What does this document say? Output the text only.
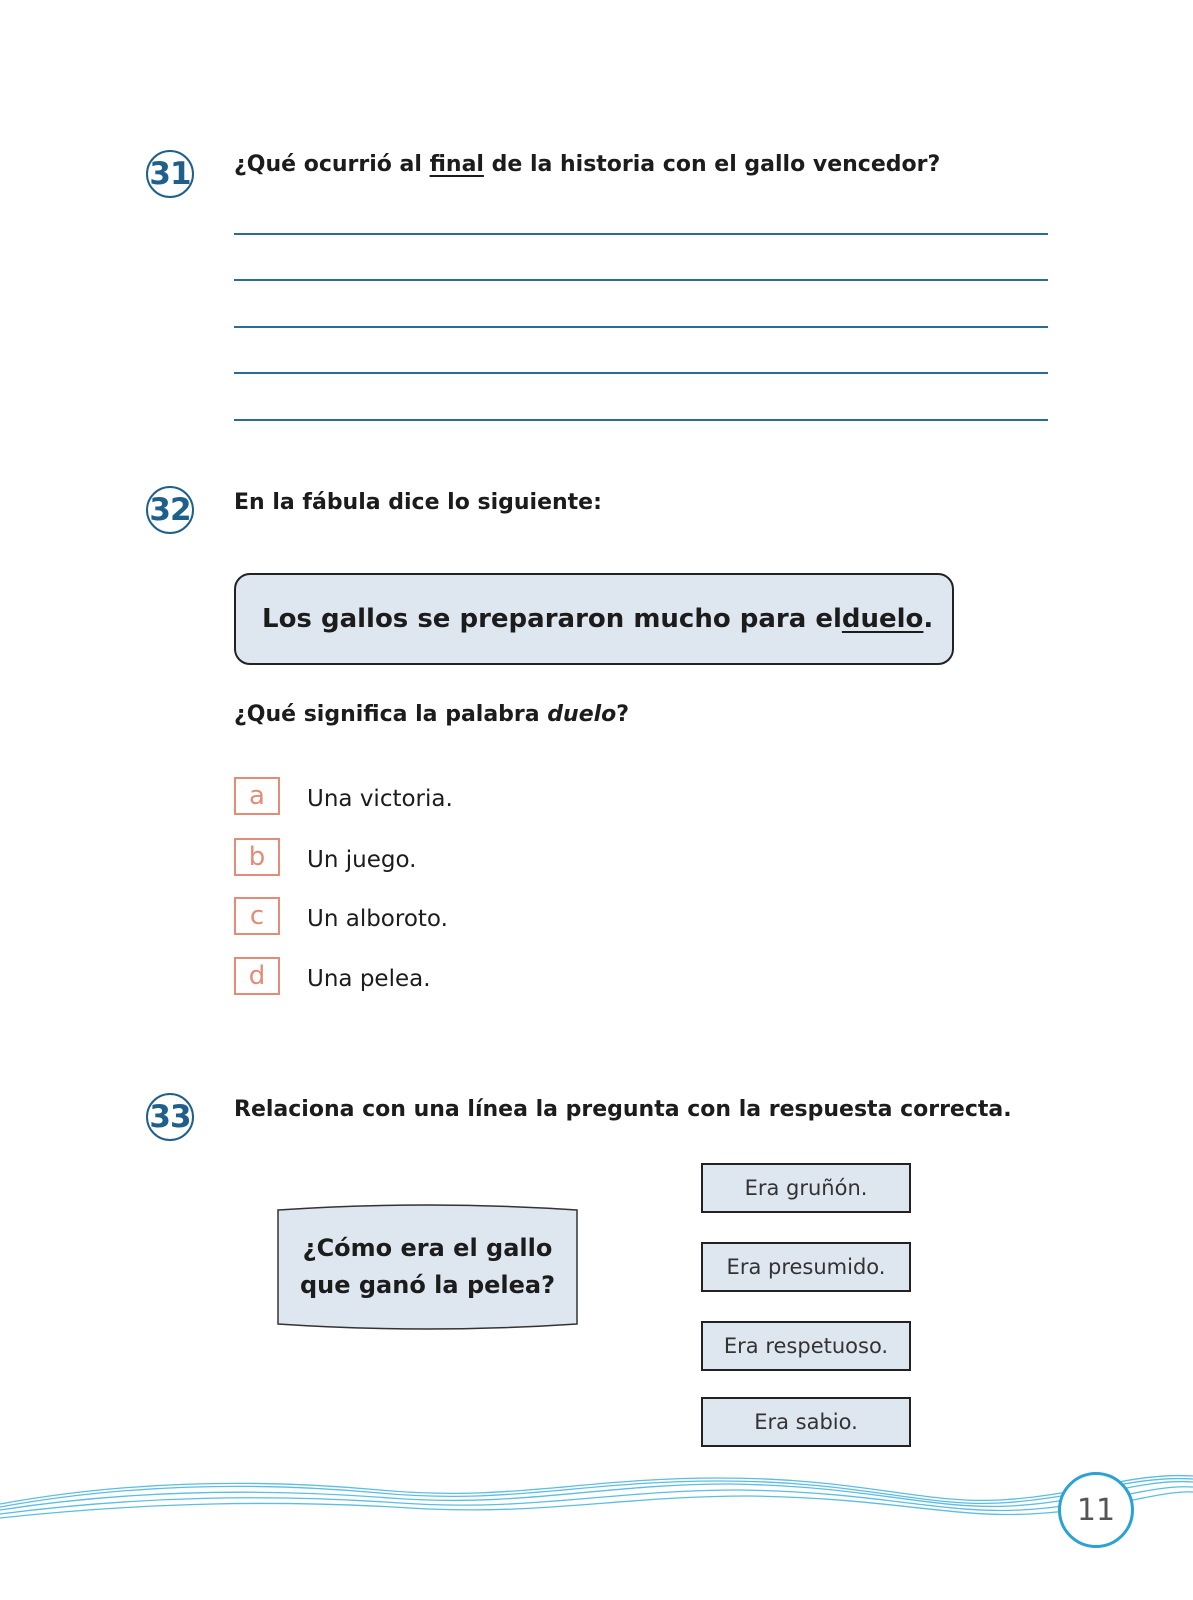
31 ¿Qué ocurrió al final de la historia con el gallo vencedor?
32 En la fábula dice lo siguiente:
Los gallos se prepararon mucho para el duelo .
¿Qué significa la palabra duelo?
a Una victoria.
b Un juego.
c Un alboroto.
d Una pelea.
33 Relaciona con una línea la pregunta con la respuesta correcta.
¿Cómo era el gallo
que ganó la pelea?
Era gruñón.
Era presumido.
Era respetuoso.
Era sabio.
11
